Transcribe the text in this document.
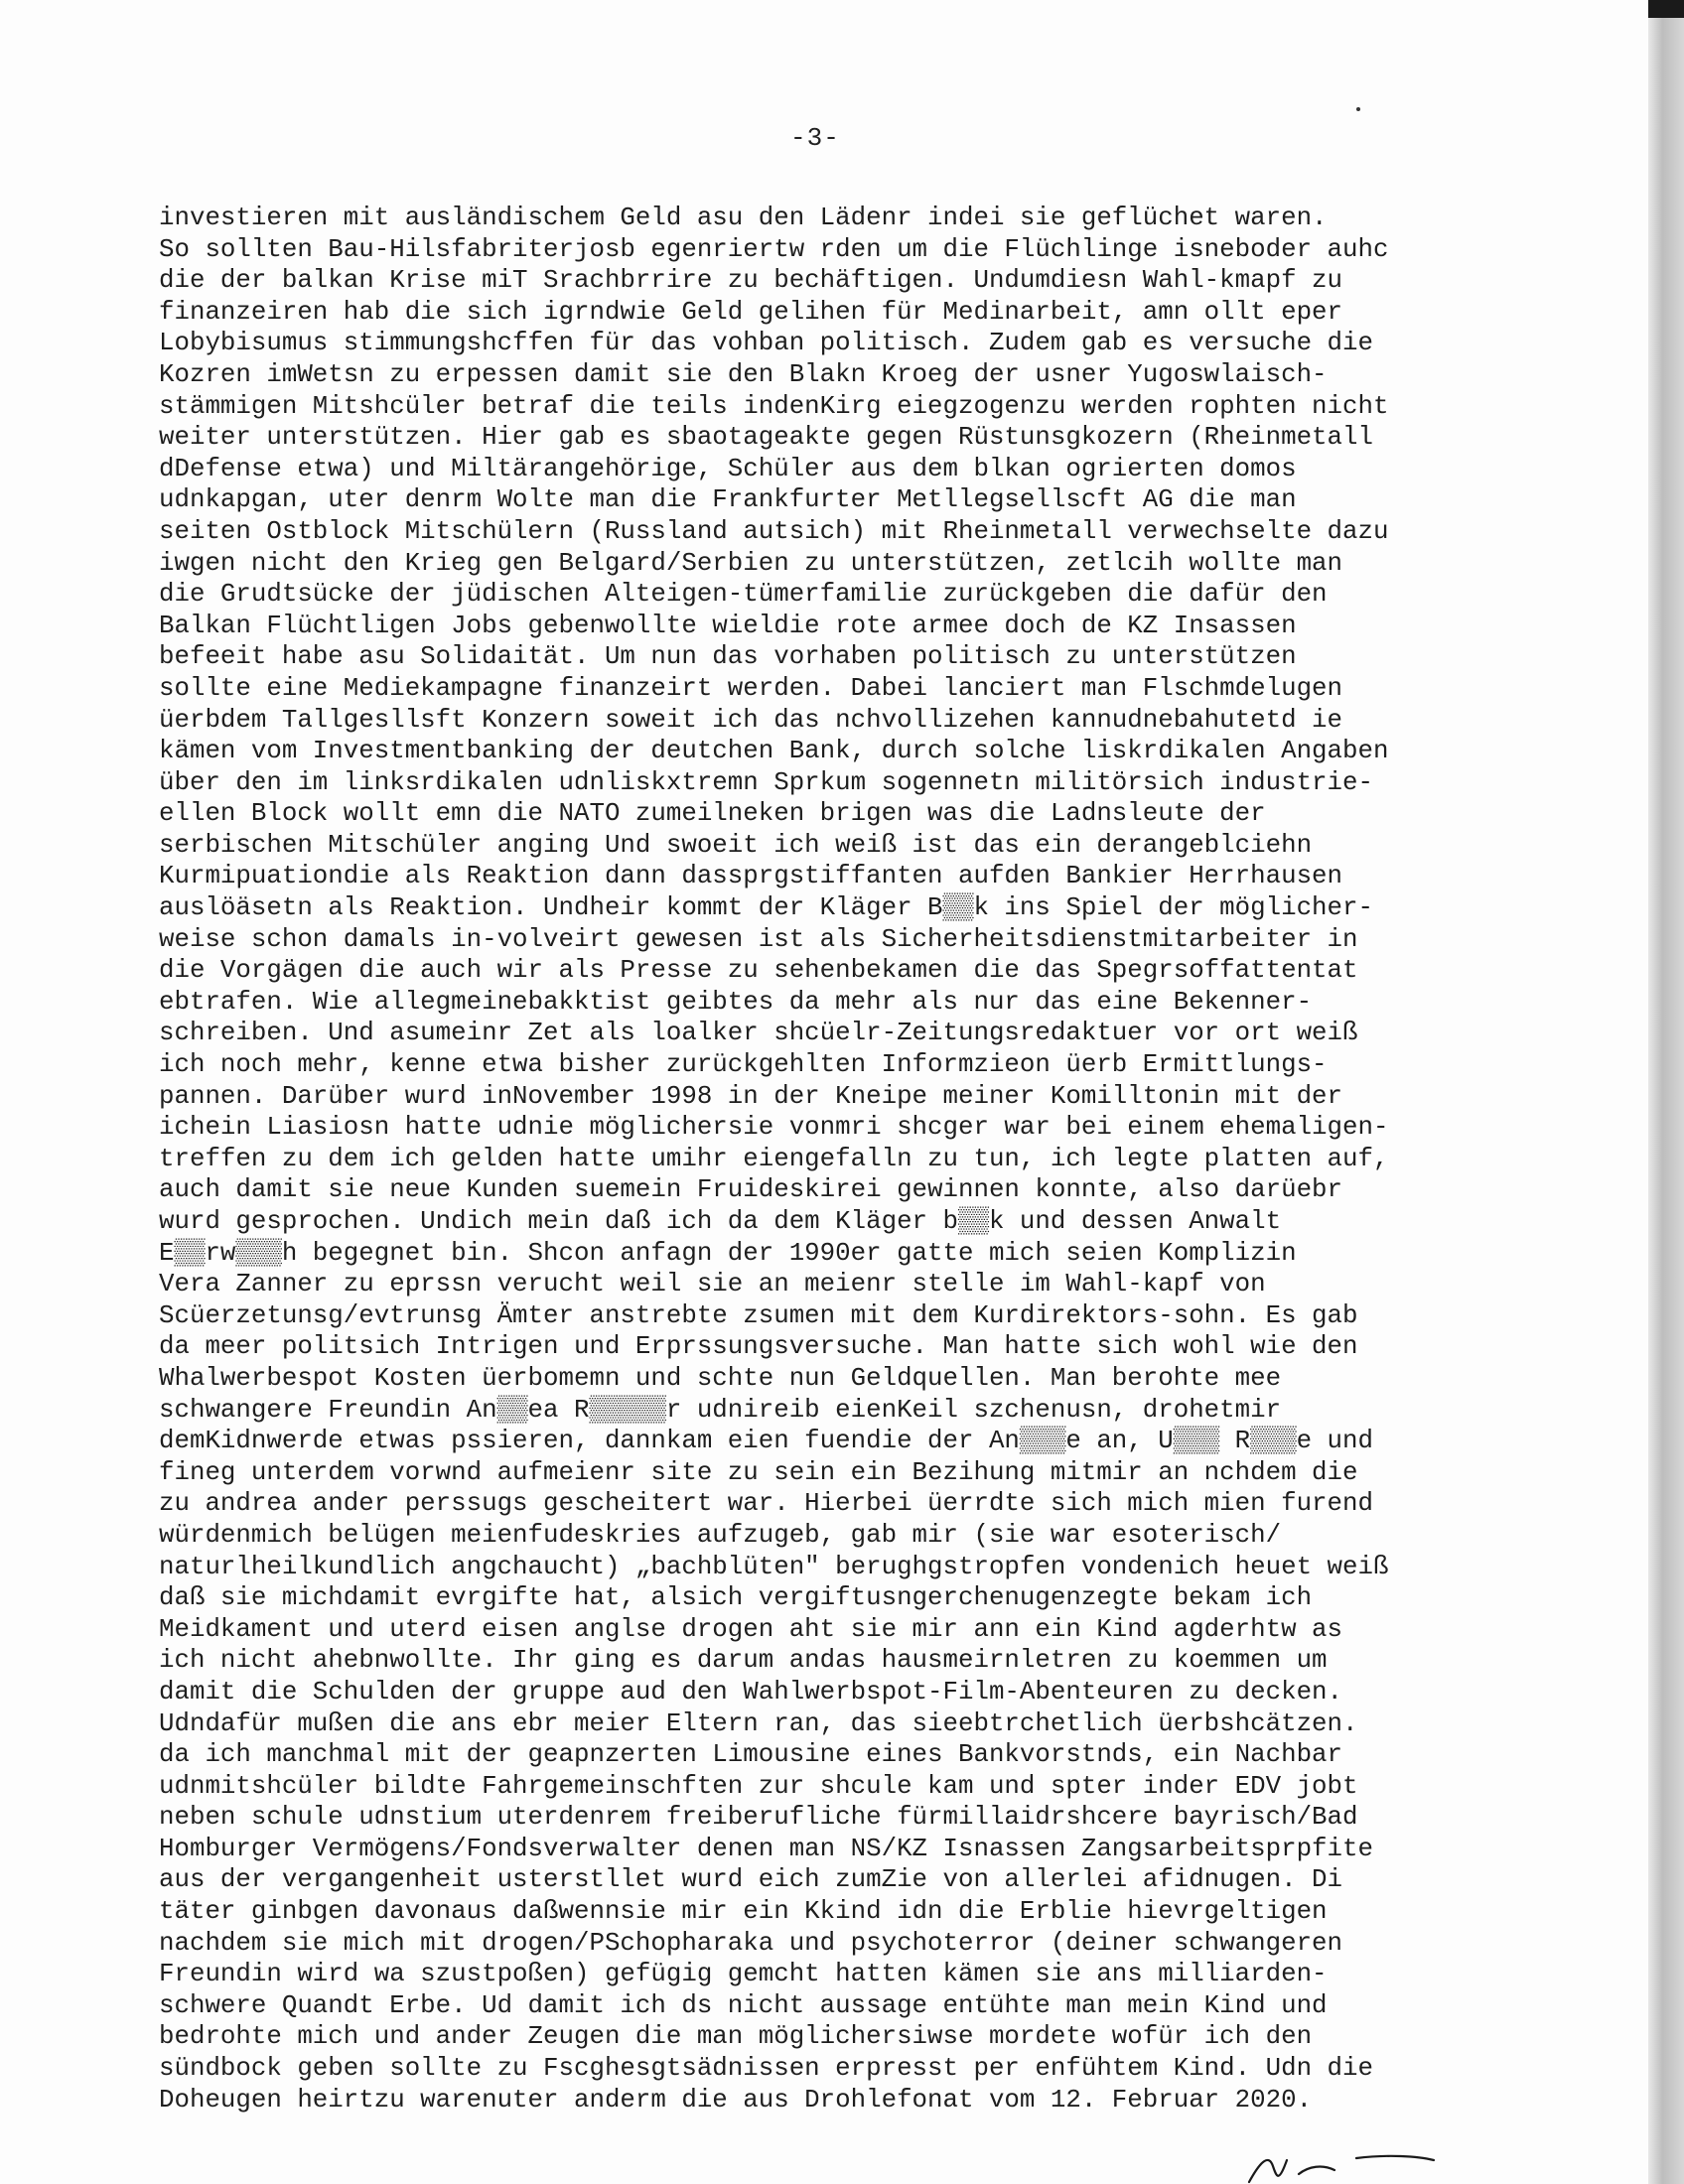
-3-
investieren mit ausländischem Geld asu den Lädenr indei sie geflüchet waren.
So sollten Bau-Hilsfabriterjosb egenriertw rden um die Flüchlinge isneboder auhc
die der balkan Krise miT Srachbrrire zu bechäftigen. Undumdiesn Wahl-kmapf zu
finanzeiren hab die sich igrndwie Geld gelihen für Medinarbeit, amn ollt eper
Lobybisumus stimmungshcffen für das vohban politisch. Zudem gab es versuche die
Kozren imWetsn zu erpessen damit sie den Blakn Kroeg der usner Yugoswlaisch-
stämmigen Mitshcüler betraf die teils indenKirg eiegzogenzu werden rophten nicht
weiter unterstützen. Hier gab es sbaotageakte gegen Rüstunsgkozern (Rheinmetall
dDefense etwa) und Miltärangehörige, Schüler aus dem blkan ogrierten domos
udnkapgan, uter denrm Wolte man die Frankfurter Metllegsellscft AG die man
seiten Ostblock Mitschülern (Russland autsich) mit Rheinmetall verwechselte dazu
iwgen nicht den Krieg gen Belgard/Serbien zu unterstützen, zetlcih wollte man
die Grudtsücke der jüdischen Alteigen-tümerfamilie zurückgeben die dafür den
Balkan Flüchtligen Jobs gebenwollte wieldie rote armee doch de KZ Insassen
befeeit habe asu Solidaität. Um nun das vorhaben politisch zu unterstützen
sollte eine Mediekampagne finanzeirt werden. Dabei lanciert man Flschmdelugen
üerbdem Tallgesllsft Konzern soweit ich das nchvollizehen kannudnebahutetd ie
kämen vom Investmentbanking der deutchen Bank, durch solche liskrdikalen Angaben
über den im linksrdikalen udnliskxtremn Sprkum sogennetn militörsich industrie-
ellen Block wollt emn die NATO zumeilneken brigen was die Ladnsleute der
serbischen Mitschüler anging Und swoeit ich weiß ist das ein derangeblciehn
Kurmipuationdie als Reaktion dann dassprgstiffanten aufden Bankier Herrhausen
auslöäsetn als Reaktion. Undheir kommt der Kläger B▒▒k ins Spiel der möglicher-
weise schon damals in-volveirt gewesen ist als Sicherheitsdienstmitarbeiter in
die Vorgägen die auch wir als Presse zu sehenbekamen die das Spegrsoffattentat
ebtrafen. Wie allegmeinebakktist geibtes da mehr als nur das eine Bekenner-
schreiben. Und asumeinr Zet als loalker shcüelr-Zeitungsredaktuer vor ort weiß
ich noch mehr, kenne etwa bisher zurückgehlten Informzieon üerb Ermittlungs-
pannen. Darüber wurd inNovember 1998 in der Kneipe meiner Komilltonin mit der
ichein Liasiosn hatte udnie möglichersie vonmri shcger war bei einem ehemaligen-
treffen zu dem ich gelden hatte umihr eiengefalln zu tun, ich legte platten auf,
auch damit sie neue Kunden suemein Fruideskirei gewinnen konnte, also darüebr
wurd gesprochen. Undich mein daß ich da dem Kläger b▒▒k und dessen Anwalt
E▒▒rw▒▒▒h begegnet bin. Shcon anfagn der 1990er gatte mich seien Komplizin
Vera Zanner zu eprssn verucht weil sie an meienr stelle im Wahl-kapf von
Scüerzetunsg/evtrunsg Ämter anstrebte zsumen mit dem Kurdirektors-sohn. Es gab
da meer politsich Intrigen und Erprssungsversuche. Man hatte sich wohl wie den
Whalwerbespot Kosten üerbomemn und schte nun Geldquellen. Man berohte mee
schwangere Freundin An▒▒ea R▒▒▒▒▒r udnireib eienKeil szchenusn, drohetmir
demKidnwerde etwas pssieren, dannkam eien fuendie der An▒▒▒e an, U▒▒▒ R▒▒▒e und
fineg unterdem vorwnd aufmeienr site zu sein ein Bezihung mitmir an nchdem die
zu andrea ander perssugs gescheitert war. Hierbei üerrdte sich mich mien furend
würdenmich belügen meienfudeskries aufzugeb, gab mir (sie war esoterisch/
naturlheilkundlich angchaucht) „bachblüten" berughgstropfen vondenich heuet weiß
daß sie michdamit evrgifte hat, alsich vergiftusngerchenugenzegte bekam ich
Meidkament und uterd eisen anglse drogen aht sie mir ann ein Kind agderhtw as
ich nicht ahebnwollte. Ihr ging es darum andas hausmeirnletren zu koemmen um
damit die Schulden der gruppe aud den Wahlwerbspot-Film-Abenteuren zu decken.
Udndafür mußen die ans ebr meier Eltern ran, das sieebtrchetlich üerbshcätzen.
da ich manchmal mit der geapnzerten Limousine eines Bankvorstnds, ein Nachbar
udnmitshcüler bildte Fahrgemeinschften zur shcule kam und spter inder EDV jobt
neben schule udnstium uterdenrem freiberufliche fürmillaidrshcere bayrisch/Bad
Homburger Vermögens/Fondsverwalter denen man NS/KZ Isnassen Zangsarbeitsprpfite
aus der vergangenheit usterstllet wurd eich zumZie von allerlei afidnugen. Di
täter ginbgen davonaus daßwennsie mir ein Kkind idn die Erblie hievrgeltigen
nachdem sie mich mit drogen/PSchopharaka und psychoterror (deiner schwangeren
Freundin wird wa szustpoßen) gefügig gemcht hatten kämen sie ans milliarden-
schwere Quandt Erbe. Ud damit ich ds nicht aussage entühte man mein Kind und
bedrohte mich und ander Zeugen die man möglichersiwse mordete wofür ich den
sündbock geben sollte zu Fscghesgtsädnissen erpresst per enfühtem Kind. Udn die
Doheugen heirtzu warenuter anderm die aus Drohlefonat vom 12. Februar 2020.
